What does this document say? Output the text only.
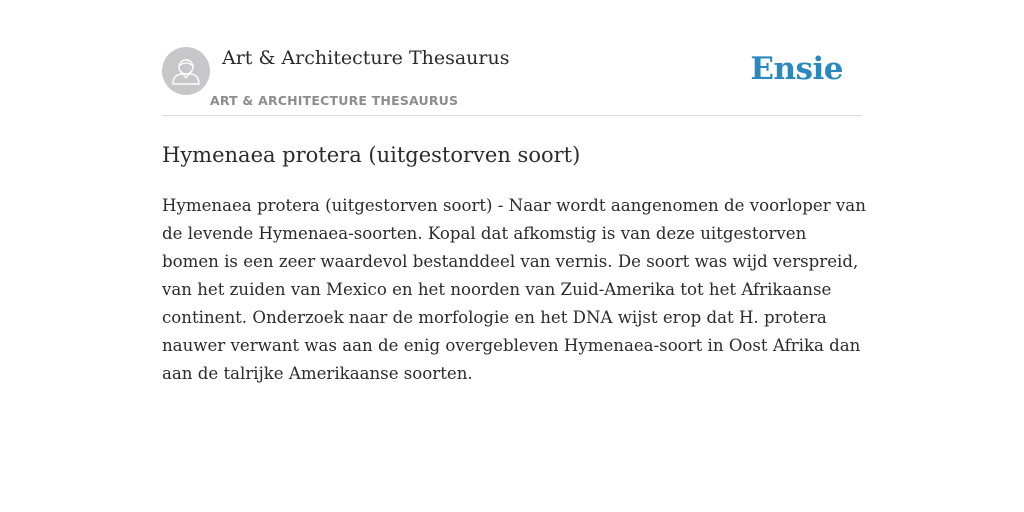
Art & Architecture Thesaurus
ART & ARCHITECTURE THESAURUS
Ensie
Hymenaea protera (uitgestorven soort)

Hymenaea protera (uitgestorven soort) - Naar wordt aangenomen de voorloper van de levende Hymenaea-soorten. Kopal dat afkomstig is van deze uitgestorven bomen is een zeer waardevol bestanddeel van vernis. De soort was wijd verspreid, van het zuiden van Mexico en het noorden van Zuid-Amerika tot het Afrikaanse continent. Onderzoek naar de morfologie en het DNA wijst erop dat H. protera nauwer verwant was aan de enig overgebleven Hymenaea-soort in Oost Afrika dan aan de talrijke Amerikaanse soorten.
